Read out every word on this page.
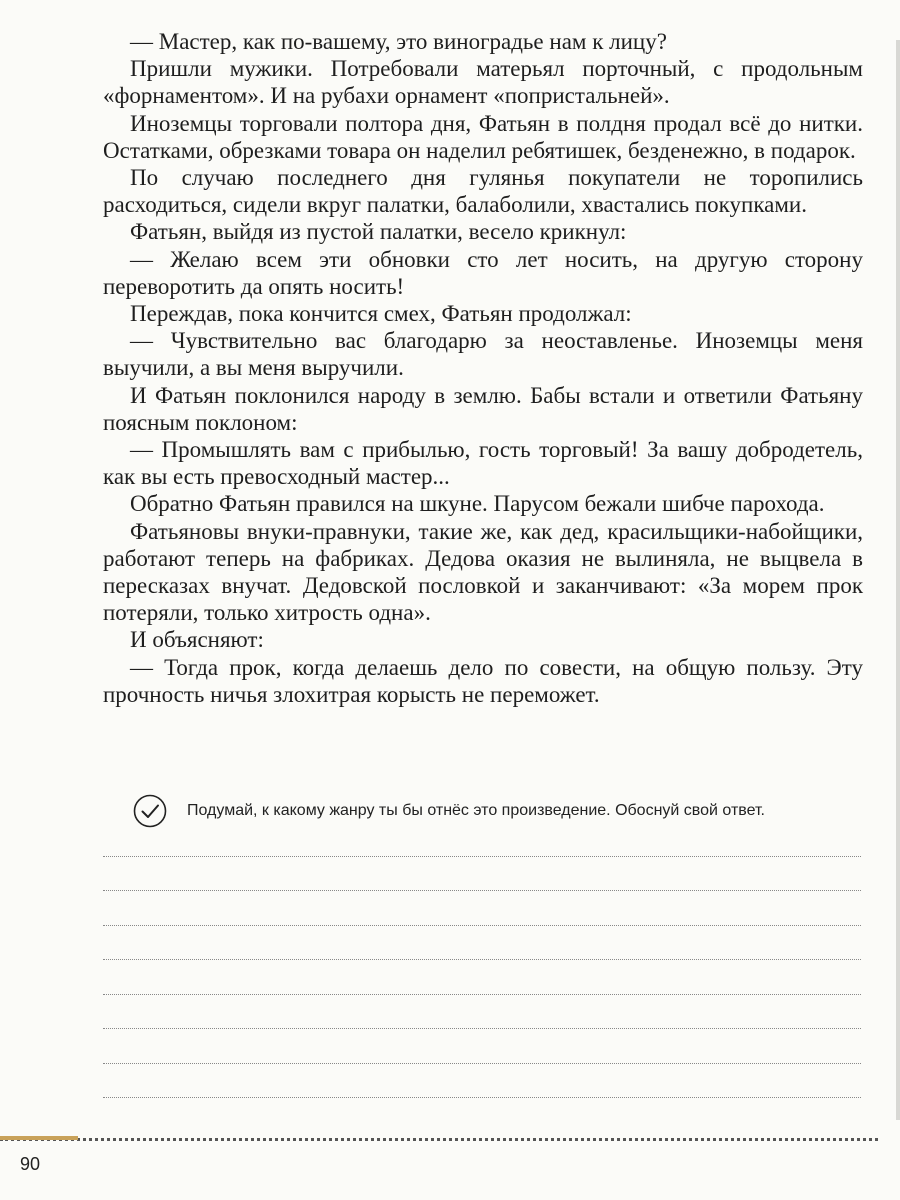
— Мастер, как по-вашему, это виноградье нам к лицу?

Пришли мужики. Потребовали матерьял порточный, с продольным «форнаментом». И на рубахи орнамент «попристальней».

Иноземцы торговали полтора дня, Фатьян в полдня продал всё до нитки. Остатками, обрезками товара он наделил ребятишек, безденежно, в подарок.

По случаю последнего дня гулянья покупатели не торопились расходиться, сидели вкруг палатки, балаболили, хвастались покупками.

Фатьян, выйдя из пустой палатки, весело крикнул:

— Желаю всем эти обновки сто лет носить, на другую сторону переворотить да опять носить!

Переждав, пока кончится смех, Фатьян продолжал:

— Чувствительно вас благодарю за неоставленье. Иноземцы меня выучили, а вы меня выручили.

И Фатьян поклонился народу в землю. Бабы встали и ответили Фатьяну поясным поклоном:

— Промышлять вам с прибылью, гость торговый! За вашу добродетель, как вы есть превосходный мастер...

Обратно Фатьян правился на шкуне. Парусом бежали шибче парохода.

Фатьяновы внуки-правнуки, такие же, как дед, красильщики-набойщики, работают теперь на фабриках. Дедова оказия не вылиняла, не выцвела в пересказах внучат. Дедовской пословкой и заканчивают: «За морем прок потеряли, только хитрость одна».

И объясняют:

— Тогда прок, когда делаешь дело по совести, на общую пользу. Эту прочность ничья злохитрая корысть не переможет.

Подумай, к какому жанру ты бы отнёс это произведение. Обоснуй свой ответ.
90
